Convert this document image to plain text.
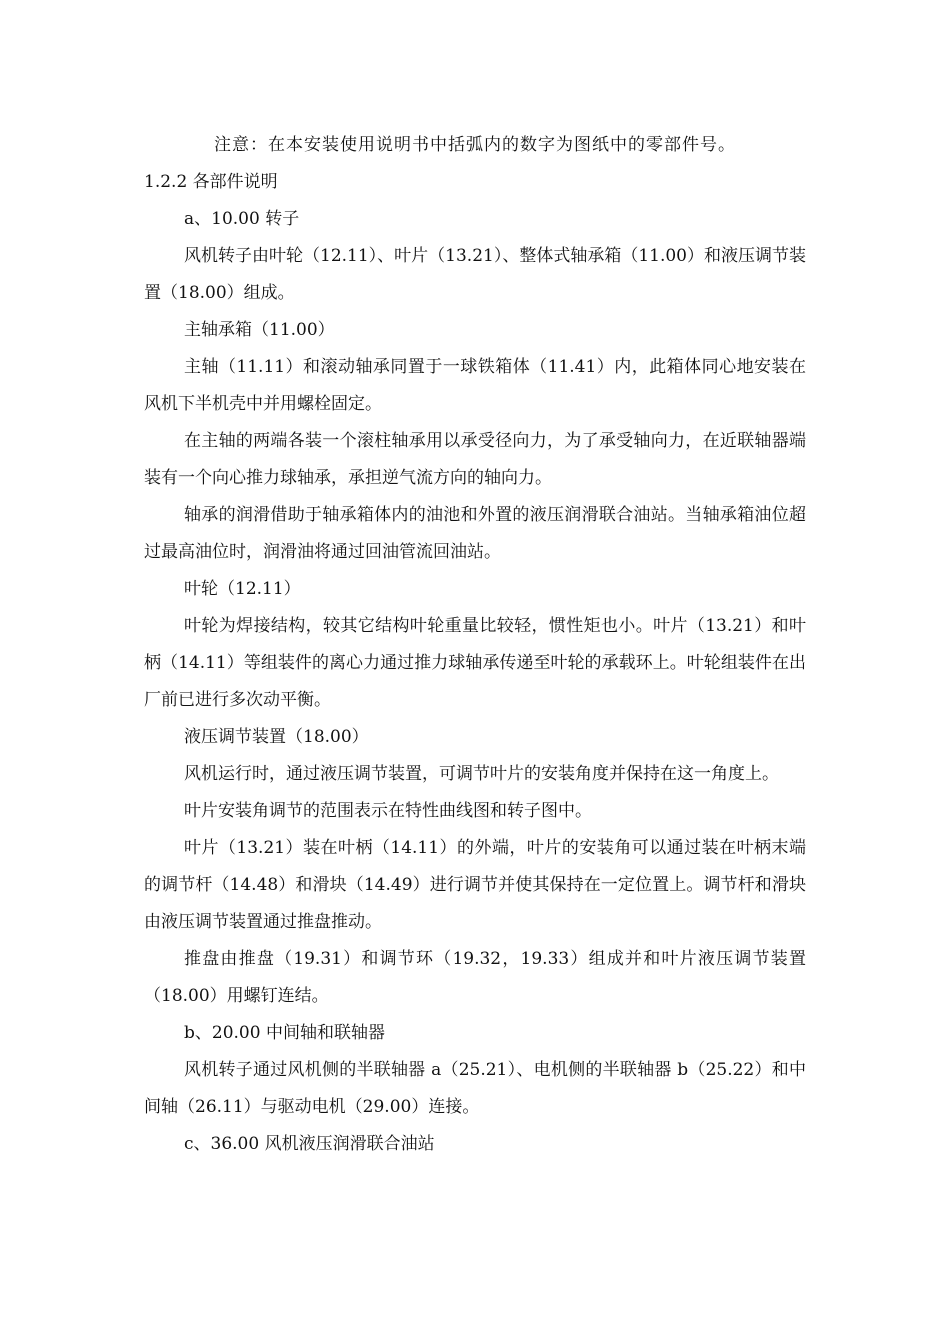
注意：在本安装使用说明书中括弧内的数字为图纸中的零部件号。

1.2.2 各部件说明

a、10.00 转子

风机转子由叶轮（12.11）、叶片（13.21）、整体式轴承箱（11.00）和液压调节装置（18.00）组成。

主轴承箱（11.00）

主轴（11.11）和滚动轴承同置于一球铁箱体（11.41）内，此箱体同心地安装在风机下半机壳中并用螺栓固定。

在主轴的两端各装一个滚柱轴承用以承受径向力，为了承受轴向力，在近联轴器端装有一个向心推力球轴承，承担逆气流方向的轴向力。

轴承的润滑借助于轴承箱体内的油池和外置的液压润滑联合油站。当轴承箱油位超过最高油位时，润滑油将通过回油管流回油站。

叶轮（12.11）

叶轮为焊接结构，较其它结构叶轮重量比较轻，惯性矩也小。叶片（13.21）和叶柄（14.11）等组装件的离心力通过推力球轴承传递至叶轮的承载环上。叶轮组装件在出厂前已进行多次动平衡。

液压调节装置（18.00）

风机运行时，通过液压调节装置，可调节叶片的安装角度并保持在这一角度上。

叶片安装角调节的范围表示在特性曲线图和转子图中。

叶片（13.21）装在叶柄（14.11）的外端，叶片的安装角可以通过装在叶柄末端的调节杆（14.48）和滑块（14.49）进行调节并使其保持在一定位置上。调节杆和滑块由液压调节装置通过推盘推动。

推盘由推盘（19.31）和调节环（19.32，19.33）组成并和叶片液压调节装置（18.00）用螺钉连结。

b、20.00 中间轴和联轴器

风机转子通过风机侧的半联轴器 a（25.21）、电机侧的半联轴器 b（25.22）和中间轴（26.11）与驱动电机（29.00）连接。

c、36.00 风机液压润滑联合油站
